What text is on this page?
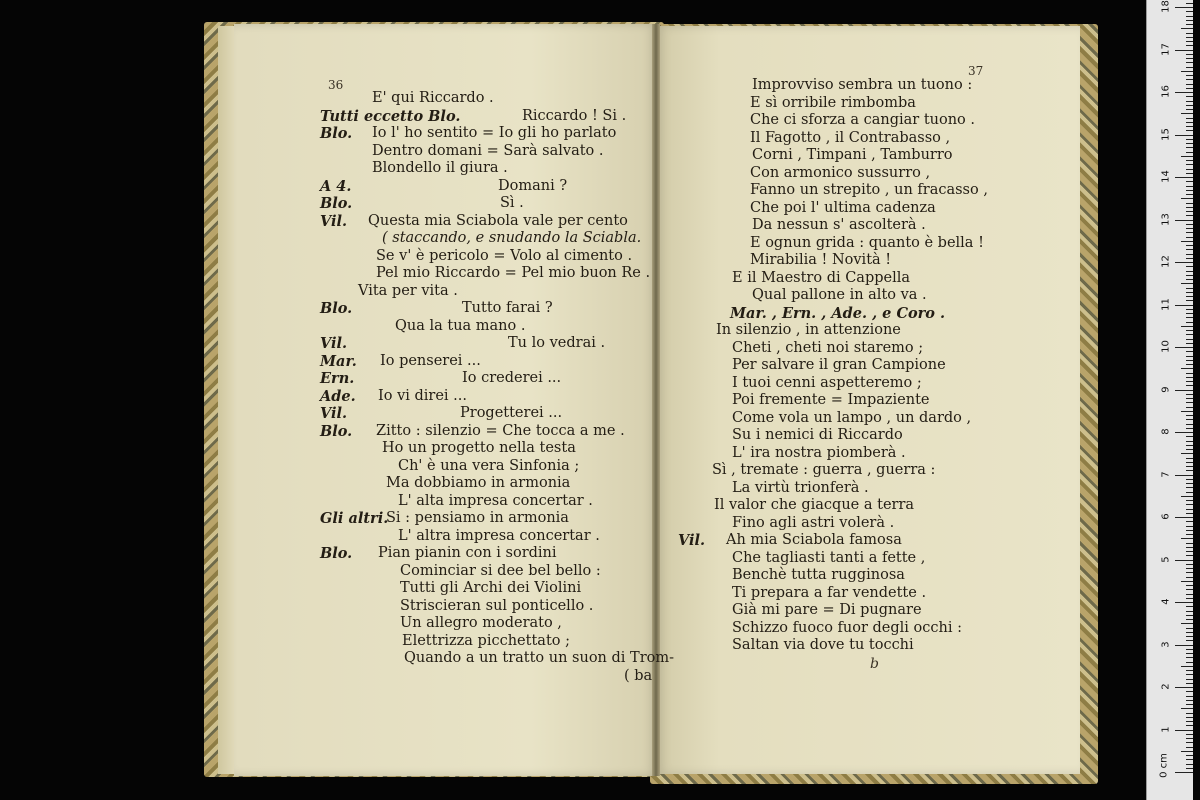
36
37
E' qui Riccardo .
Tutti eccetto Blo.	Riccardo ! Si .
Blo. Io l' ho sentito = Io gli ho parlato
Dentro domani = Sarà salvato .
Blondello il giura .
A 4.	Domani ?
Blo.	Sì .
Vil. Questa mia Sciabola vale per cento
( staccando, e snudando la Sciabla.
Se v' è pericolo = Volo al cimento .
Pel mio Riccardo = Pel mio buon Re .
Vita per vita .
Blo.	Tutto farai ?
Qua la tua mano .
Vil.	Tu lo vedrai .
Mar. Io penserei ...
Ern.	Io crederei ...
Ade. Io vi direi ...
Vil.	Progetterei ...
Blo. Zitto : silenzio = Che tocca a me .
Ho un progetto nella testa
Ch' è una vera Sinfonia ;
Ma dobbiamo in armonia
L' alta impresa concertar .
Gli altri.
Si : pensiamo in armonia
L' altra impresa concertar .
Blo. Pian pianin con i sordini
Cominciar si dee bel bello :
Tutti gli Archi dei Violini
Striscieran sul ponticello .
Un allegro moderato ,
Elettrizza picchettato ;
Quando a un tratto un suon di Trom-
( ba
Improvviso sembra un tuono :
E sì orribile rimbomba
Che ci sforza a cangiar tuono .
Il Fagotto , il Contrabasso ,
Corni , Timpani , Tamburro
Con armonico sussurro ,
Fanno un strepito , un fracasso ,
Che poi l' ultima cadenza
Da nessun s' ascolterà .
E ognun grida : quanto è bella !
Mirabilia ! Novità !
E il Maestro di Cappella
Qual pallone in alto va .
Mar. , Ern. , Ade. , e Coro .
In silenzio , in attenzione
Cheti , cheti noi staremo ;
Per salvare il gran Campione
I tuoi cenni aspetteremo ;
Poi fremente = Impaziente
Come vola un lampo , un dardo ,
Su i nemici di Riccardo
L' ira nostra piomberà .
Sì , tremate : guerra , guerra :
La virtù trionferà .
Il valor che giacque a terra
Fino agli astri volerà .
Vil. Ah mia Sciabola famosa
Che tagliasti tanti a fette ,
Benchè tutta rugginosa
Ti prepara a far vendette .
Già mi pare = Di pugnare
Schizzo fuoco fuor degli occhi :
Saltan via dove tu tocchi
b
0 cm
1
2
3
4
5
6
7
8
9
10
11
12
13
14
15
16
17
18
